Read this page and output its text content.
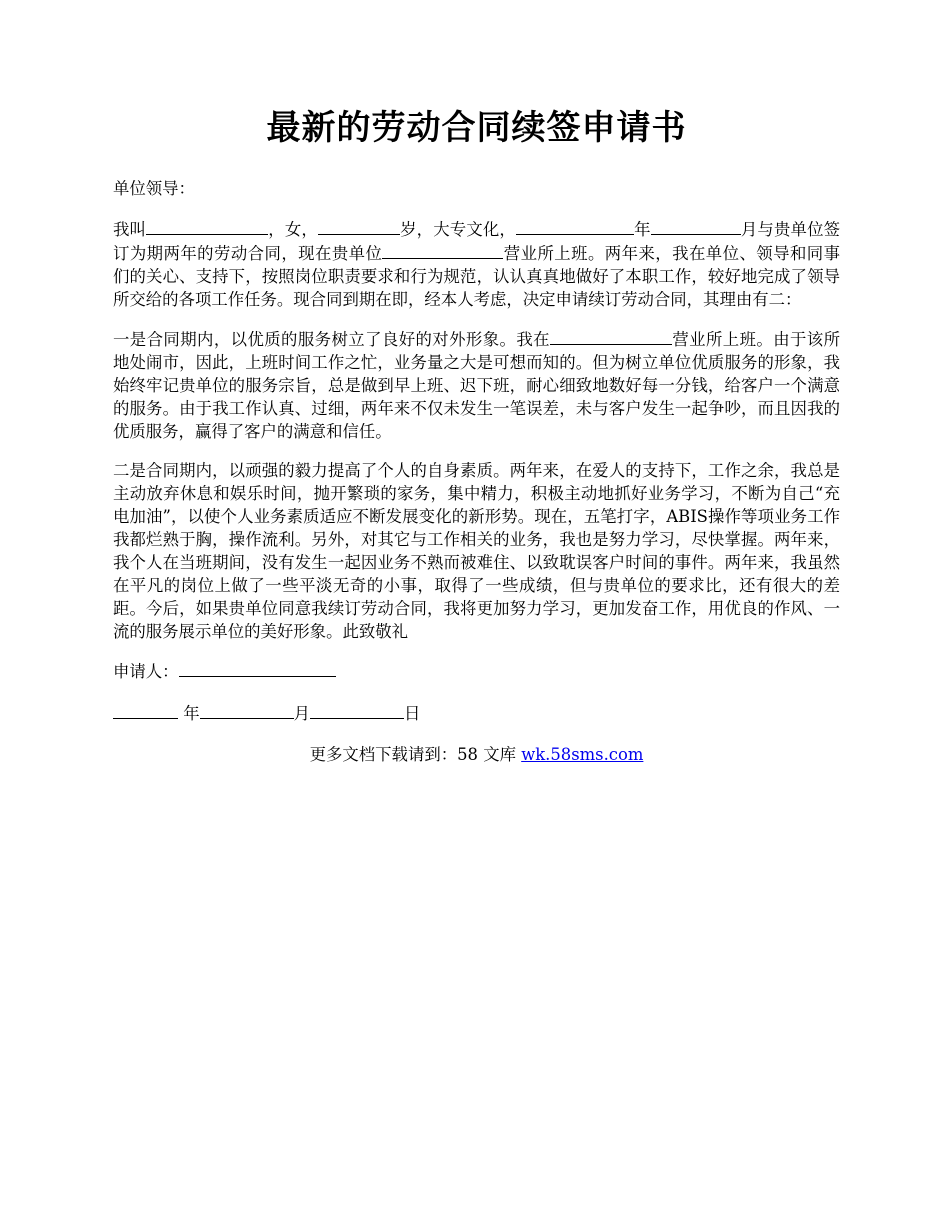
最新的劳动合同续签申请书

单位领导：

我叫	，女，	岁，大专文化，	年	月与贵单位签订为期两年的劳动合同，现在贵单位	营业所上班。两年来，我在单位、领导和同事们的关心、支持下，按照岗位职责要求和行为规范，认认真真地做好了本职工作，较好地完成了领导所交给的各项工作任务。现合同到期在即，经本人考虑，决定申请续订劳动合同，其理由有二：

一是合同期内，以优质的服务树立了良好的对外形象。我在	营业所上班。由于该所地处闹市，因此，上班时间工作之忙，业务量之大是可想而知的。但为树立单位优质服务的形象，我始终牢记贵单位的服务宗旨，总是做到早上班、迟下班，耐心细致地数好每一分钱，给客户一个满意的服务。由于我工作认真、过细，两年来不仅未发生一笔误差，未与客户发生一起争吵，而且因我的优质服务，赢得了客户的满意和信任。

二是合同期内，以顽强的毅力提高了个人的自身素质。两年来，在爱人的支持下，工作之余，我总是主动放弃休息和娱乐时间，抛开繁琐的家务，集中精力，积极主动地抓好业务学习，不断为自己“充电加油”，以使个人业务素质适应不断发展变化的新形势。现在，五笔打字，ABIS操作等项业务工作我都烂熟于胸，操作流利。另外，对其它与工作相关的业务，我也是努力学习，尽快掌握。两年来，我个人在当班期间，没有发生一起因业务不熟而被难住、以致耽误客户时间的事件。两年来，我虽然在平凡的岗位上做了一些平淡无奇的小事，取得了一些成绩，但与贵单位的要求比，还有很大的差距。今后，如果贵单位同意我续订劳动合同，我将更加努力学习，更加发奋工作，用优良的作风、一流的服务展示单位的美好形象。此致敬礼

申请人：

年	月	日

更多文档下载请到：58 文库 wk.58sms.com
